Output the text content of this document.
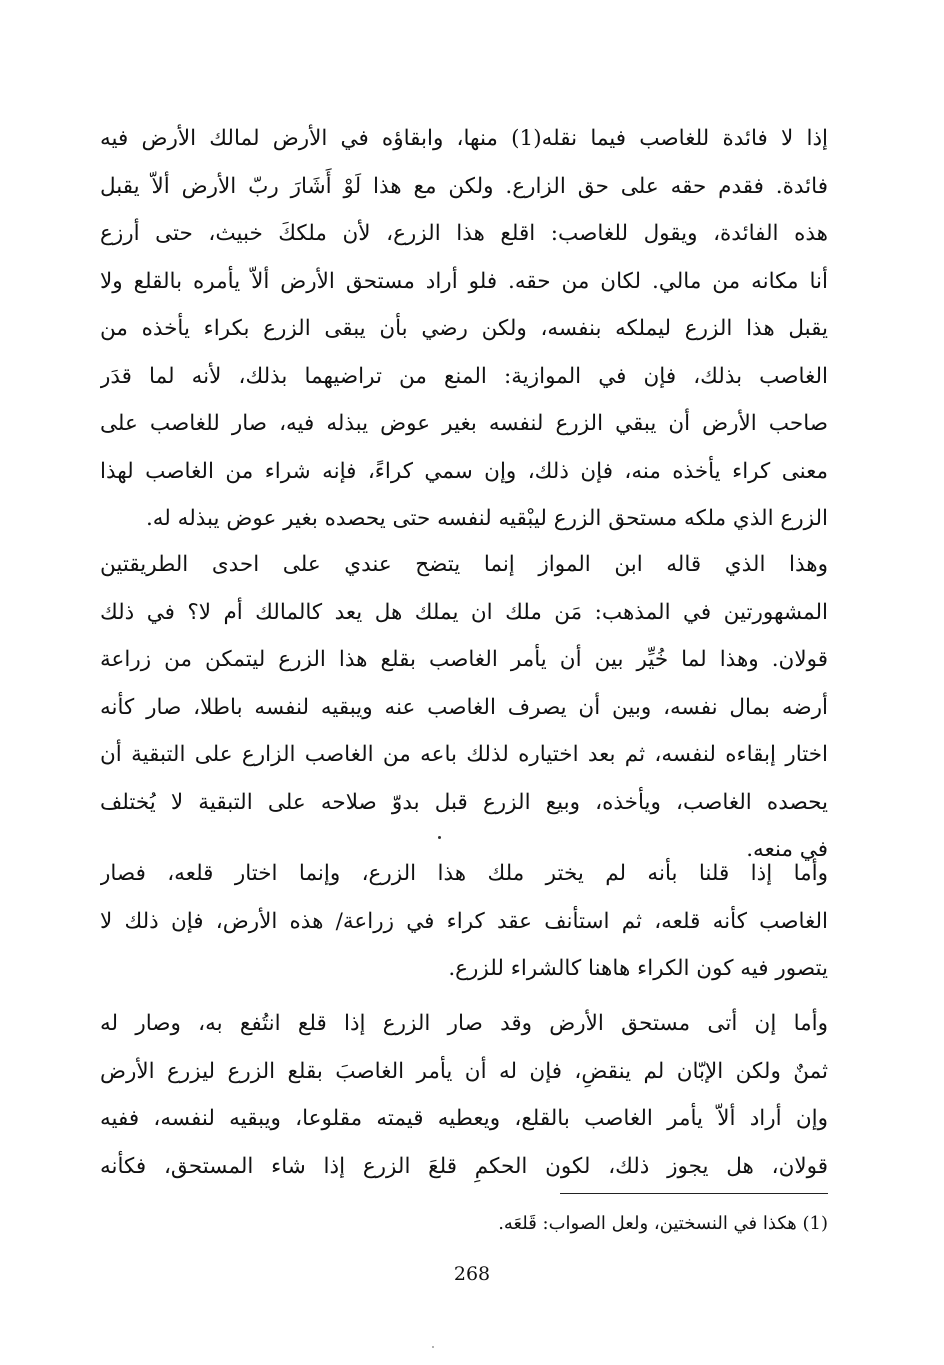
إذا لا فائدة للغاصب فيما نقله(1) منها، وابقاؤه في الأرض لمالك الأرض فيه
فائدة. فقدم حقه على حق الزارع. ولكن مع هذا لَوْ أَشَارَ ربّ الأرض ألاّ يقبل
هذه الفائدة، ويقول للغاصب: اقلع هذا الزرع، لأن ملككَ خبيث، حتى أرزع
أنا مكانه من مالي. لكان من حقه. فلو أراد مستحق الأرض ألاّ يأمره بالقلع ولا
يقبل هذا الزرع ليملكه بنفسه، ولكن رضي بأن يبقى الزرع بكراء يأخذه من
الغاصب بذلك، فإن في الموازية: المنع من تراضيهما بذلك، لأنه لما قدَر
صاحب الأرض أن يبقي الزرع لنفسه بغير عوض يبذله فيه، صار للغاصب على
معنى كراء يأخذه منه، فإن ذلك، وإن سمي كراءً، فإنه شراء من الغاصب لهذا
الزرع الذي ملكه مستحق الزرع ليبْقيه لنفسه حتى يحصده بغير عوض يبذله له.
وهذا الذي قاله ابن المواز إنما يتضح عندي على احدى الطريقتين
المشهورتين في المذهب: مَن ملك ان يملك هل يعد كالمالك أم لا؟ في ذلك
قولان. وهذا لما خُيِّر بين أن يأمر الغاصب بقلع هذا الزرع ليتمكن من زراعة
أرضه بمال نفسه، وبين أن يصرف الغاصب عنه ويبقيه لنفسه باطلا، صار كأنه
اختار إبقاءه لنفسه، ثم بعد اختياره لذلك باعه من الغاصب الزارع على التبقية أن
يحصده الغاصب، ويأخذه، وبيع الزرع قبل بدوّ صلاحه على التبقية لا يُختلف
في منعه.
وأما إذا قلنا بأنه لم يختر ملك هذا الزرع، وإنما اختار قلعه، فصار
الغاصب كأنه قلعه، ثم استأنف عقد كراء في زراعة/ هذه الأرض، فإن ذلك لا
يتصور فيه كون الكراء هاهنا كالشراء للزرع.
وأما إن أتى مستحق الأرض وقد صار الزرع إذا قلع انتُفع به، وصار له
ثمنٌ ولكن الإبّان لم ينقضِ، فإن له أن يأمر الغاصبَ بقلع الزرع ليزرع الأرض
وإن أراد ألاّ يأمر الغاصب بالقلع، ويعطيه قيمته مقلوعا، ويبقيه لنفسه، ففيه
قولان، هل يجوز ذلك، لكون الحكمِ قلعَ الزرع إذا شاء المستحق، فكأنه
(1) هكذا في النسختين، ولعل الصواب: قَلعَه.
268
